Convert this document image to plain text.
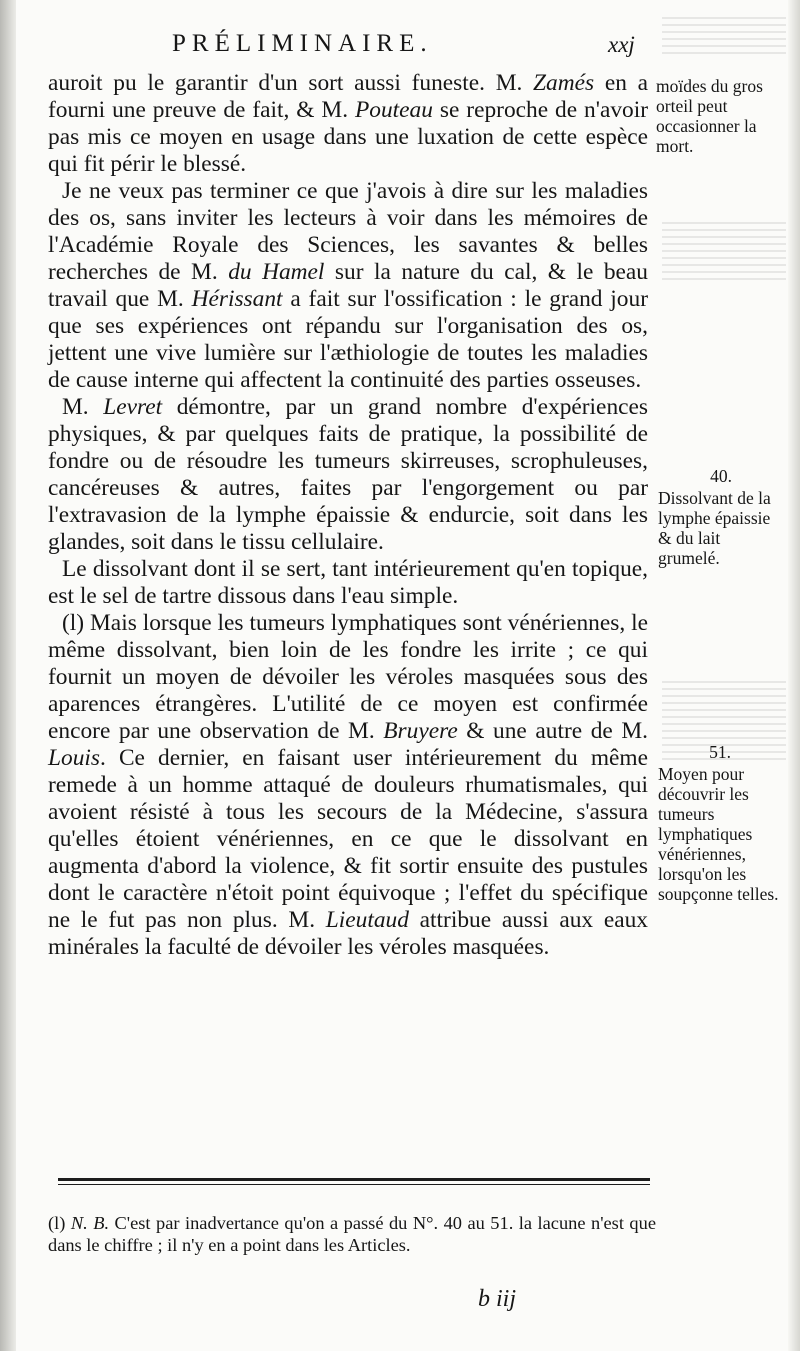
PRÉLIMINAIRE.	xxj

auroit pu le garantir d'un sort aussi funeste. M. Zamés en a fourni une preuve de fait, & M. Pouteau se reproche de n'avoir pas mis ce moyen en usage dans une luxation de cette espèce qui fit périr le blessé.

Je ne veux pas terminer ce que j'avois à dire sur les maladies des os, sans inviter les lecteurs à voir dans les mémoires de l'Académie Royale des Sciences, les savantes & belles recherches de M. du Hamel sur la nature du cal, & le beau travail que M. Hérissant a fait sur l'ossification : le grand jour que ses expériences ont répandu sur l'organisation des os, jettent une vive lumière sur l'æthiologie de toutes les maladies de cause interne qui affectent la continuité des parties osseuses.

M. Levret démontre, par un grand nombre d'expériences physiques, & par quelques faits de pratique, la possibilité de fondre ou de résoudre les tumeurs skirreuses, scrophuleuses, cancéreuses & autres, faites par l'engorgement ou par l'extravasion de la lymphe épaissie & endurcie, soit dans les glandes, soit dans le tissu cellulaire.

Le dissolvant dont il se sert, tant intérieurement qu'en topique, est le sel de tartre dissous dans l'eau simple.

(l) Mais lorsque les tumeurs lymphatiques sont vénériennes, le même dissolvant, bien loin de les fondre les irrite ; ce qui fournit un moyen de dévoiler les véroles masquées sous des aparences étrangères. L'utilité de ce moyen est confirmée encore par une observation de M. Bruyere & une autre de M. Louis. Ce dernier, en faisant user intérieurement du même remede à un homme attaqué de douleurs rhumatismales, qui avoient résisté à tous les secours de la Médecine, s'assura qu'elles étoient vénériennes, en ce que le dissolvant en augmenta d'abord la violence, & fit sortir ensuite des pustules dont le caractère n'étoit point équivoque ; l'effet du spécifique ne le fut pas non plus. M. Lieutaud attribue aussi aux eaux minérales la faculté de dévoiler les véroles masquées.

moïdes du gros orteil peut occasionner la mort.
40.
Dissolvant de la lymphe épaissie & du lait grumelé.
51.
Moyen pour découvrir les tumeurs lymphatiques vénériennes, lorsqu'on les soupçonne telles.
(l) N. B. C'est par inadvertance qu'on a passé du N°. 40 au 51. la lacune n'est que dans le chiffre ; il n'y en a point dans les Articles.
b iij
